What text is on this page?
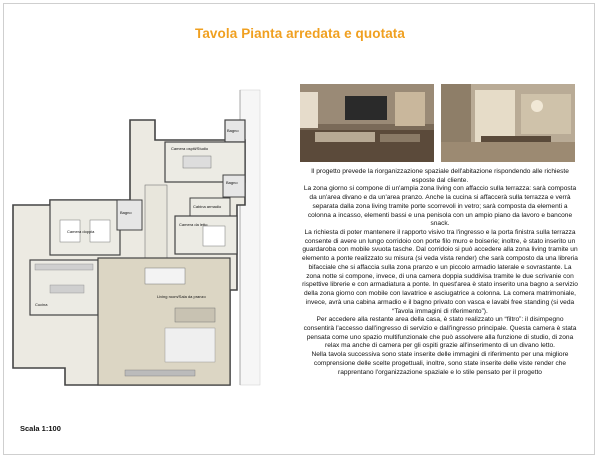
Tavola Pianta arredata e quotata
Bagno
Camera ospiti/Studio
Bagno
Cabina armadio
Camera da letto
Camera doppia
Bagno
Cucina
Living room/Sala da pranzo
Scala 1:100

Il progetto prevede la riorganizzazione spaziale dell'abitazione rispondendo alle richieste esposte dal cliente.

La zona giorno si compone di un'ampia zona living con affaccio sulla terrazza: sarà composta da un'area divano e da un'area pranzo. Anche la cucina si affaccerà sulla terrazza e verrà separata dalla zona living tramite porte scorrevoli in vetro; sarà composta da elementi a colonna a incasso, elementi bassi e una penisola con un ampio piano da lavoro e bancone snack.

La richiesta di poter mantenere il rapporto visivo tra l'ingresso e la porta finistra sulla terrazza consente di avere un lungo corridoio con porte filo muro e boiserie; inoltre, è stato inserito un guardaroba con mobile svuota tasche. Dal corridoio si può accedere alla zona living tramite un elemento a ponte realizzato su misura (si veda vista render) che sarà composto da una libreria bifacciale che si affaccia sulla zona pranzo e un piccolo armadio laterale e sovrastante. La zona notte si compone, invece, di una camera doppia suddivisa tramite le due scrivanie con rispettive librerie e con armadiatura a ponte. In quest'area è stato inserito una bagno a servizio della zona giorno con mobile con lavatrice e asciugatrice a colonna. La comera matrimoniale, invece, avrà una cabina armadio e il bagno privato con vasca e lavabi free standing (si veda “Tavola immagini di riferimento”).

Per accedere alla restante area della casa, è stato realizzato un “filtro”: il disimpegno consentirà l'accesso dall'ingresso di servizio e dall'ingresso principale. Questa camera è stata pensata come uno spazio multifunzionale che può assolvere alla funzione di studio, di zona relax ma anche di camera per gli ospiti grazie all'inserimento di un divano letto.

Nella tavola successiva sono state inserite delle immagini di riferimento per una migliore comprensione delle scelte progettuali, inoltre, sono state inserite delle viste render che rapprentano l'organizzazione spaziale e lo stile pensato per il progetto
